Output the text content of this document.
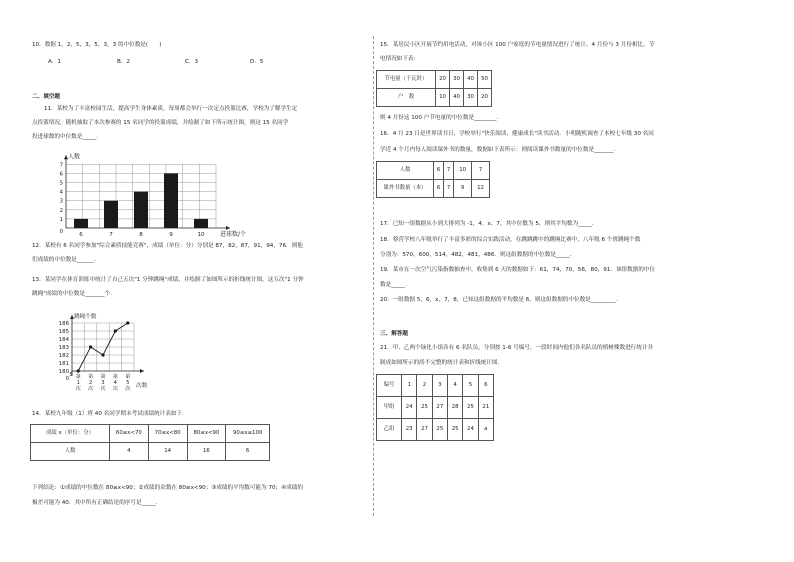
10．数据 1，2，5，3，5，3，3 的中位数是(　　)
A．1	B．2	C．3	D．5
二、填空题
11．某校为了丰富校园生活，提高学生身体素质，每周都会举行一次定点投篮比赛，学校为了解学生定
点投篮情况，随机抽取了本次参赛的 15 名同学的投篮成绩，并绘制了如下所示统计图，则这 15 名同学
投进球数的中位数是_____．
1
2
3
4
5
6
7
0
人数
进球数/个
6	7	8	9	10
12．某校有 6 名同学参加"综合素质技能竞赛"，成绩（单位：分）分别是 87，82，87，91，94，76．则他
们成绩的中位数是______．
13．某同学在体育训练中统计了自己五次"1 分钟跳绳"成绩，并绘制了如图所示的折线统计图，这五次"1 分钟
跳绳"成绩的中位数是_______个．
180
181
182
183
184
185
186
0
跳绳个数
次数
第
1
次
第
2
次
第
3
次
第
4
次
第
5
次
14．某校九年级（1）班 40 名同学期末考试成绩统计表如下．
成绩 x（单位：分）	60≤x<70	70≤x<80	80≤x<90	90≤x≤100
人数	4	14	16	6
下列结论：①成绩的中位数在 80≤x<90；②成绩的众数在 80≤x<90；③成绩的平均数可能为 70；④成绩的
极差可能为 40．其中所有正确结论的序号是_____．
15．某居民小区开展节约用电活动，对该小区 100 户家庭的节电量情况进行了统计，4 月份与 3 月份相比，节
电情况如下表：
节电量（千瓦时）	20	30	40	50
户　数	10	40	30	20
则 4 月份这 100 户节电量的中位数是________．
16．4 月 23 日是世界读书日，学校举行"快乐阅读，健康成长"读书活动．小明随机调查了本校七年级 30 名同
学近 4 个月内每人阅读课外书的数量，数据如下表所示：则阅读课外书数量的中位数是_______．
人数	6	7	10	7
课外书数量（本）	6	7	9	12
17．已知一组数据从小到大排列为 -1，4，x，7，其中位数为 5，则其平均数为_____．
18．蔡营学校八年级举行了丰富多彩的综合实践活动，在跳跳跳中的跳绳比赛中，八年级 6 个班跳绳个数
分别为：570，600，514，482，481，486．则这组数据的中位数是_____．
19．某市在一次空气污染指数抽查中，收集到 6 天的数据如下：61，74，70，56，80，91．该组数据的中位
数是_____．
20．一组数据 5，6，x，7，8，已知这组数据的平均数是 6，则这组数据的中位数是_________．
三、解答题
21．甲、乙两个绿化小组各有 6 名队员，分别按 1-6 号编号，一段时间内他们各名队员的植树棵数进行统计并
制成如图所示的尚不完整的统计表和折线统计图．
编号	1	2	3	4	5	6
甲组	24	25	27	28	25	21
乙组	23	27	25	25	24	a
